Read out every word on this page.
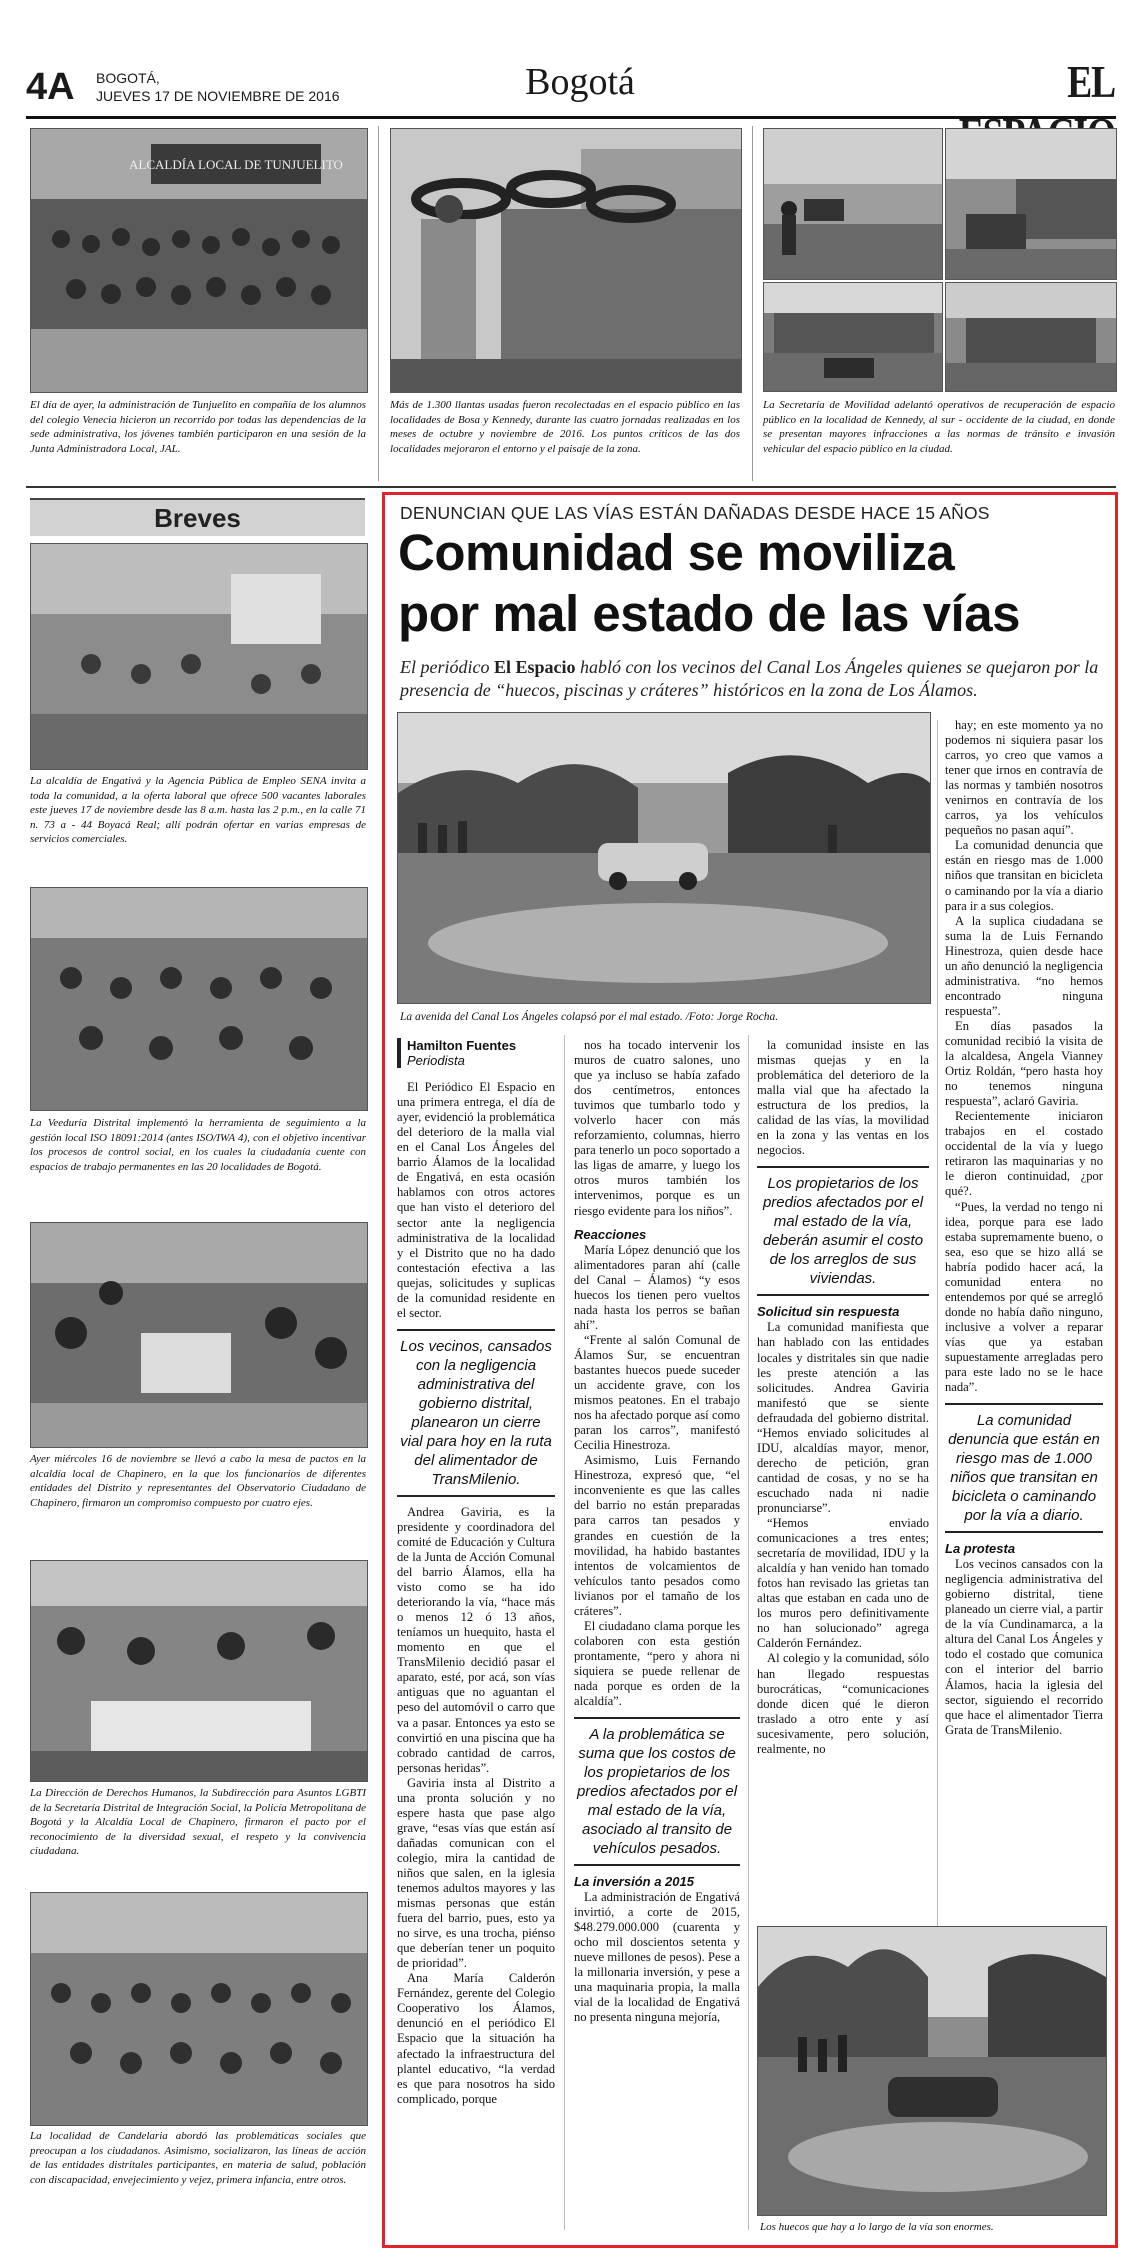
4A BOGOTÁ,
JUEVES 17 DE NOVIEMBRE DE 2016	Bogotá	EL
ALCALDÍA LOCAL DE TUNJUELITO
El día de ayer, la administración de Tunjuelito en compañía de los alumnos del colegio Venecia hicieron un recorrido por todas las dependencias de la sede administrativa, los jóvenes también participaron en una sesión de la Junta Administradora Local, JAL.
Más de 1.300 llantas usadas fueron recolectadas en el espacio público en las localidades de Bosa y Kennedy, durante las cuatro jornadas realizadas en los meses de octubre y noviembre de 2016. Los puntos críticos de las dos localidades mejoraron el entorno y el paisaje de la zona.
La Secretaría de Movilidad adelantó operativos de recuperación de espacio público en la localidad de Kennedy, al sur - occidente de la ciudad, en donde se presentan mayores infracciones a las normas de tránsito e invasión vehicular del espacio público en la ciudad.
Breves
La alcaldía de Engativá y la Agencia Pública de Empleo SENA invita a toda la comunidad, a la oferta laboral que ofrece 500 vacantes laborales este jueves 17 de noviembre desde las 8 a.m. hasta las 2 p.m., en la calle 71 n. 73 a - 44 Boyacá Real; allí podrán ofertar en varias empresas de servicios comerciales.
La Veeduría Distrital implementó la herramienta de seguimiento a la gestión local ISO 18091:2014 (antes ISO/IWA 4), con el objetivo incentivar los procesos de control social, en los cuales la ciudadanía cuente con espacios de trabajo permanentes en las 20 localidades de Bogotá.
Ayer miércoles 16 de noviembre se llevó a cabo la mesa de pactos en la alcaldía local de Chapinero, en la que los funcionarios de diferentes entidades del Distrito y representantes del Observatorio Ciudadano de Chapinero, firmaron un compromiso compuesto por cuatro ejes.
La Dirección de Derechos Humanos, la Subdirección para Asuntos LGBTI de la Secretaría Distrital de Integración Social, la Policía Metropolitana de Bogotá y la Alcaldía Local de Chapinero, firmaron el pacto por el reconocimiento de la diversidad sexual, el respeto y la convivencia ciudadana.
La localidad de Candelaria abordó las problemáticas sociales que preocupan a los ciudadanos. Asimismo, socializaron, las líneas de acción de las entidades distritales participantes, en materia de salud, población con discapacidad, envejecimiento y vejez, primera infancia, entre otros.
DENUNCIAN QUE LAS VÍAS ESTÁN DAÑADAS DESDE HACE 15 AÑOS
Comunidad se moviliza
por mal estado de las vías
El periódico El Espacio habló con los vecinos del Canal Los Ángeles quienes se quejaron por la presencia de “huecos, piscinas y cráteres” históricos en la zona de Los Álamos.
La avenida del Canal Los Ángeles colapsó por el mal estado. /Foto: Jorge Rocha.
Hamilton Fuentes
Periodista

El Periódico El Espacio en una primera entrega, el día de ayer, evidenció la problemática del deterioro de la malla vial en el Canal Los Ángeles del barrio Álamos de la localidad de Engativá, en esta ocasión hablamos con otros actores que han visto el deterioro del sector ante la negligencia administrativa de la localidad y el Distrito que no ha dado contestación efectiva a las quejas, solicitudes y suplicas de la comunidad residente en el sector.

Los vecinos, cansados con la negligencia administrativa del gobierno distrital, planearon un cierre vial para hoy en la ruta del alimentador de TransMilenio.

Andrea Gaviria, es la presidente y coordinadora del comité de Educación y Cultura de la Junta de Acción Comunal del barrio Álamos, ella ha visto como se ha ido deteriorando la vía, “hace más o menos 12 ó 13 años, teníamos un huequito, hasta el momento en que el TransMilenio decidió pasar el aparato, esté, por acá, son vías antiguas que no aguantan el peso del automóvil o carro que va a pasar. Entonces ya esto se convirtió en una piscina que ha cobrado cantidad de carros, personas heridas”.

Gaviria insta al Distrito a una pronta solución y no espere hasta que pase algo grave, “esas vías que están así dañadas comunican con el colegio, mira la cantidad de niños que salen, en la iglesia tenemos adultos mayores y las mismas personas que están fuera del barrio, pues, esto ya no sirve, es una trocha, piénso que deberían tener un poquito de prioridad”.

Ana María Calderón Fernández, gerente del Colegio Cooperativo los Álamos, denunció en el periódico El Espacio que la situación ha afectado la infraestructura del plantel educativo, “la verdad es que para nosotros ha sido complicado, porque

nos ha tocado intervenir los muros de cuatro salones, uno que ya incluso se había zafado dos centímetros, entonces tuvimos que tumbarlo todo y volverlo hacer con más reforzamiento, columnas, hierro para tenerlo un poco soportado a las ligas de amarre, y luego los otros muros también los intervenimos, porque es un riesgo evidente para los niños”.

Reacciones

María López denunció que los alimentadores paran ahí (calle del Canal – Álamos) “y esos huecos los tienen pero vueltos nada hasta los perros se bañan ahí”.

“Frente al salón Comunal de Álamos Sur, se encuentran bastantes huecos puede suceder un accidente grave, con los mismos peatones. En el trabajo nos ha afectado porque así como paran los carros”, manifestó Cecilia Hinestroza.

Asimismo, Luis Fernando Hinestroza, expresó que, “el inconveniente es que las calles del barrio no están preparadas para carros tan pesados y grandes en cuestión de la movilidad, ha habido bastantes intentos de volcamientos de vehículos tanto pesados como livianos por el tamaño de los cráteres”.

El ciudadano clama porque les colaboren con esta gestión prontamente, “pero y ahora ni siquiera se puede rellenar de nada porque es orden de la alcaldía”.

A la problemática se suma que los costos de los propietarios de los predios afectados por el mal estado de la vía, asociado al transito de vehículos pesados.
La inversión a 2015

La administración de Engativá invirtió, a corte de 2015, $48.279.000.000 (cuarenta y ocho mil doscientos setenta y nueve millones de pesos). Pese a la millonaria inversión, y pese a una maquinaria propia, la malla vial de la localidad de Engativá no presenta ninguna mejoría,

la comunidad insiste en las mismas quejas y en la problemática del deterioro de la malla vial que ha afectado la estructura de los predios, la calidad de las vías, la movilidad en la zona y las ventas en los negocios.

Los propietarios de los predios afectados por el mal estado de la vía, deberán asumir el costo de los arreglos de sus viviendas.
Solicitud sin respuesta

La comunidad manifiesta que han hablado con las entidades locales y distritales sin que nadie les preste atención a las solicitudes. Andrea Gaviria manifestó que se siente defraudada del gobierno distrital. “Hemos enviado solicitudes al IDU, alcaldías mayor, menor, derecho de petición, gran cantidad de cosas, y no se ha escuchado nada ni nadie pronunciarse”.

“Hemos enviado comunicaciones a tres entes; secretaría de movilidad, IDU y la alcaldía y han venido han tomado fotos han revisado las grietas tan altas que estaban en cada uno de los muros pero definitivamente no han solucionado” agrega Calderón Fernández.

Al colegio y la comunidad, sólo han llegado respuestas burocráticas, “comunicaciones donde dicen qué le dieron traslado a otro ente y así sucesivamente, pero solución, realmente, no

hay; en este momento ya no podemos ni siquiera pasar los carros, yo creo que vamos a tener que irnos en contravía de las normas y también nosotros venirnos en contravía de los carros, ya los vehículos pequeños no pasan aquí”.

La comunidad denuncia que están en riesgo mas de 1.000 niños que transitan en bicicleta o caminando por la vía a diario para ir a sus colegios.

A la suplica ciudadana se suma la de Luis Fernando Hinestroza, quien desde hace un año denunció la negligencia administrativa. “no hemos encontrado ninguna respuesta”.

En días pasados la comunidad recibió la visita de la alcaldesa, Angela Vianney Ortiz Roldán, “pero hasta hoy no tenemos ninguna respuesta”, aclaró Gaviria.

Recientemente iniciaron trabajos en el costado occidental de la vía y luego retiraron las maquinarias y no le dieron continuidad, ¿por qué?.

“Pues, la verdad no tengo ni idea, porque para ese lado estaba supremamente bueno, o sea, eso que se hizo allá se habría podido hacer acá, la comunidad entera no entendemos por qué se arregló donde no había daño ninguno, inclusive a volver a reparar vías que ya estaban supuestamente arregladas pero para este lado no se le hace nada”.

La comunidad denuncia que están en riesgo mas de 1.000 niños que transitan en bicicleta o caminando por la vía a diario.
La protesta

Los vecinos cansados con la negligencia administrativa del gobierno distrital, tiene planeado un cierre vial, a partir de la vía Cundinamarca, a la altura del Canal Los Ángeles y todo el costado que comunica con el interior del barrio Álamos, hacia la iglesia del sector, siguiendo el recorrido que hace el alimentador Tierra Grata de TransMilenio.

Los huecos que hay a lo largo de la vía son enormes.
